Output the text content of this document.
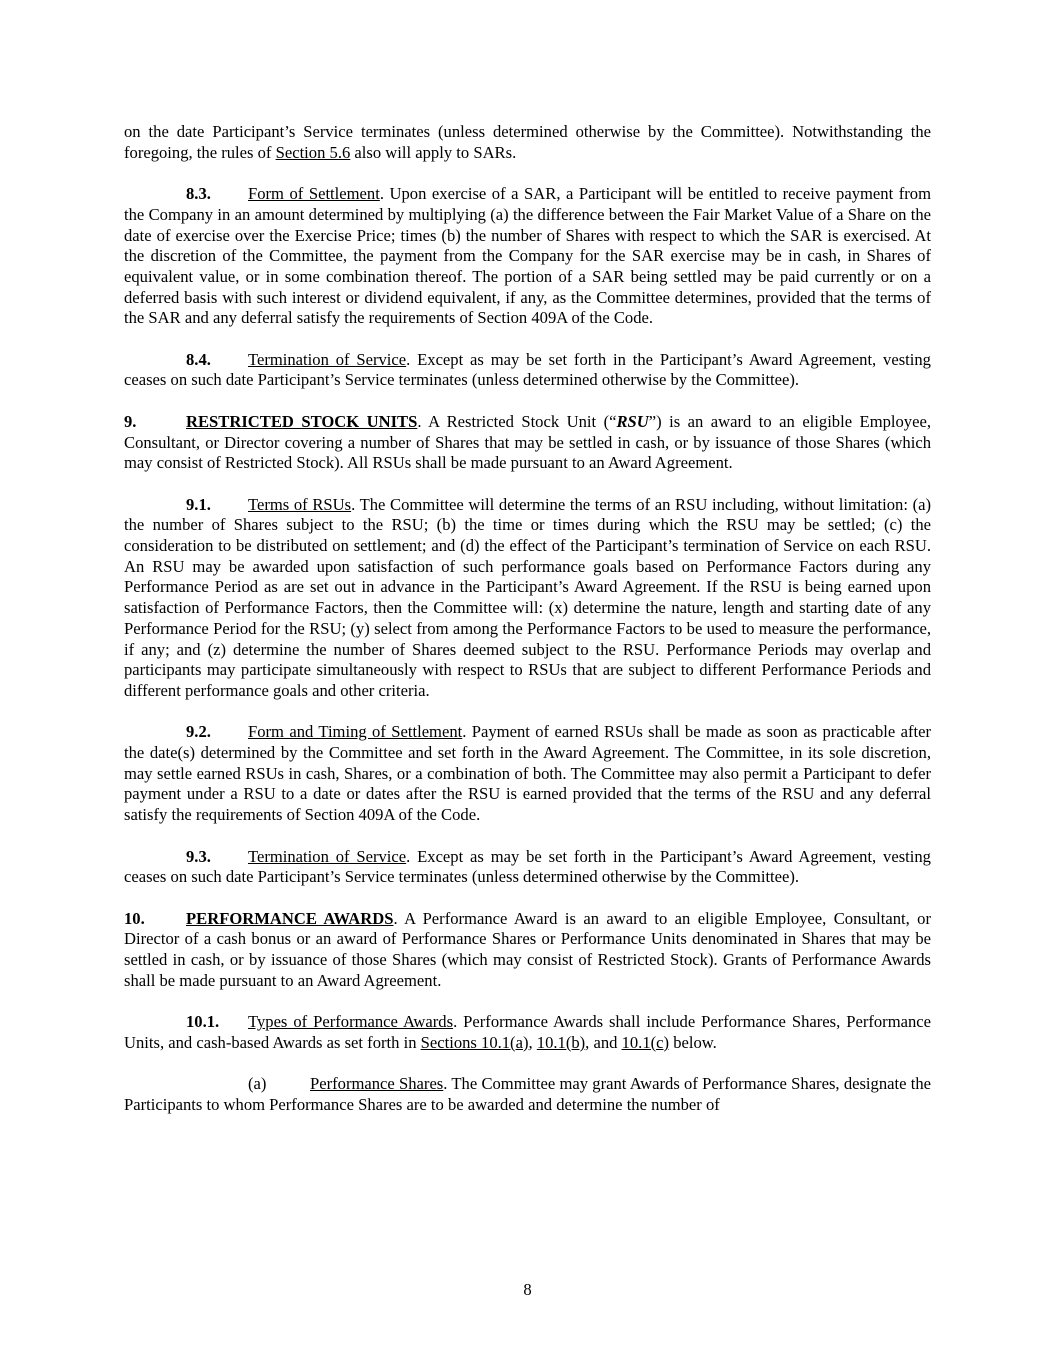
on the date Participant’s Service terminates (unless determined otherwise by the Committee). Notwithstanding the foregoing, the rules of Section 5.6 also will apply to SARs.

8.3. Form of Settlement. Upon exercise of a SAR, a Participant will be entitled to receive payment from the Company in an amount determined by multiplying (a) the difference between the Fair Market Value of a Share on the date of exercise over the Exercise Price; times (b) the number of Shares with respect to which the SAR is exercised. At the discretion of the Committee, the payment from the Company for the SAR exercise may be in cash, in Shares of equivalent value, or in some combination thereof. The portion of a SAR being settled may be paid currently or on a deferred basis with such interest or dividend equivalent, if any, as the Committee determines, provided that the terms of the SAR and any deferral satisfy the requirements of Section 409A of the Code.

8.4. Termination of Service. Except as may be set forth in the Participant’s Award Agreement, vesting ceases on such date Participant’s Service terminates (unless determined otherwise by the Committee).

9.	RESTRICTED STOCK UNITS. A Restricted Stock Unit (“RSU”) is an award to an eligible Employee, Consultant, or Director covering a number of Shares that may be settled in cash, or by issuance of those Shares (which may consist of Restricted Stock). All RSUs shall be made pursuant to an Award Agreement.

9.1. Terms of RSUs. The Committee will determine the terms of an RSU including, without limitation: (a) the number of Shares subject to the RSU; (b) the time or times during which the RSU may be settled; (c) the consideration to be distributed on settlement; and (d) the effect of the Participant’s termination of Service on each RSU. An RSU may be awarded upon satisfaction of such performance goals based on Performance Factors during any Performance Period as are set out in advance in the Participant’s Award Agreement. If the RSU is being earned upon satisfaction of Performance Factors, then the Committee will: (x) determine the nature, length and starting date of any Performance Period for the RSU; (y) select from among the Performance Factors to be used to measure the performance, if any; and (z) determine the number of Shares deemed subject to the RSU. Performance Periods may overlap and participants may participate simultaneously with respect to RSUs that are subject to different Performance Periods and different performance goals and other criteria.

9.2. Form and Timing of Settlement. Payment of earned RSUs shall be made as soon as practicable after the date(s) determined by the Committee and set forth in the Award Agreement. The Committee, in its sole discretion, may settle earned RSUs in cash, Shares, or a combination of both. The Committee may also permit a Participant to defer payment under a RSU to a date or dates after the RSU is earned provided that the terms of the RSU and any deferral satisfy the requirements of Section 409A of the Code.

9.3. Termination of Service. Except as may be set forth in the Participant’s Award Agreement, vesting ceases on such date Participant’s Service terminates (unless determined otherwise by the Committee).

10. PERFORMANCE AWARDS. A Performance Award is an award to an eligible Employee, Consultant, or Director of a cash bonus or an award of Performance Shares or Performance Units denominated in Shares that may be settled in cash, or by issuance of those Shares (which may consist of Restricted Stock). Grants of Performance Awards shall be made pursuant to an Award Agreement.

10.1. Types of Performance Awards. Performance Awards shall include Performance Shares, Performance Units, and cash-based Awards as set forth in Sections 10.1(a), 10.1(b), and 10.1(c) below.

(a)	Performance Shares. The Committee may grant Awards of Performance Shares, designate the Participants to whom Performance Shares are to be awarded and determine the number of

8
